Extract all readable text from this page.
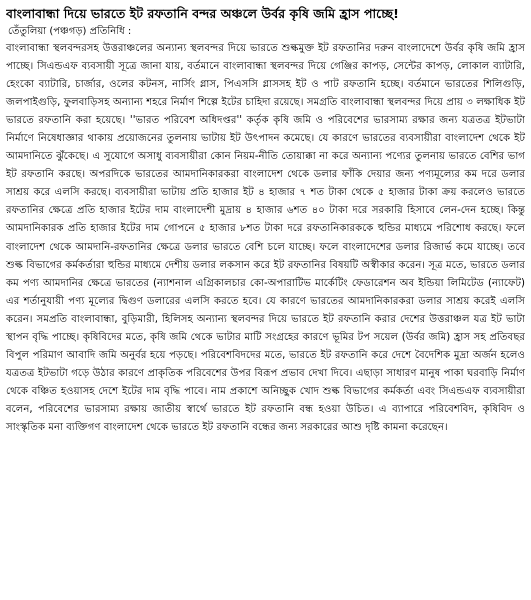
বাংলাবান্ধা দিয়ে ভারতে ইট রফতানি বন্দর অঞ্চলে উর্বর কৃষি জমি হ্রাস পাচ্ছে!
তেঁতুলিয়া (পঞ্চগড়) প্রতিনিধি :

বাংলাবান্ধা স্থলবন্দরসহ উত্তরাঞ্চলের অন্যান্য স্থলবন্দর দিয়ে ভারতে শুল্কমুক্ত ইট রফতানির দরুন বাংলাদেশে উর্বর কৃষি জমি হ্রাস পাচ্ছে। সিএন্ডএফ ব্যবসায়ী সূত্রে জানা যায়, বর্তমানে বাংলাবান্ধা স্থলবন্দর দিয়ে গেঞ্জির কাপড়, সেন্টের কাপড়, লোকাল ব্যাটারি, হেংকো ব্যাটারি, চার্জার, ওলের কটনস, নার্সিং গ্লাস, পিএসসি গ্লাসসহ ইট ও পাট রফতানি হচ্ছে। বর্তমানে ভারতের শিলিগুড়ি, জলপাইগুড়ি, ফুলবাড়িসহ অন্যান্য শহরে নির্মাণ শিল্পে ইটের চাহিদা রয়েছে। সমগ্রতি বাংলাবান্ধা স্থলবন্দর দিয়ে প্রায় ৩ লক্ষাধিক ইট ভারতে রফতানি করা হয়েছে। ''ভারত পরিবেশ অধিদপ্তর'' কর্তৃক কৃষি জমি ও পরিবেশের ভারসাম্য রক্ষার জন্য যত্রতত্র ইটভাটা নির্মাণে নিষেধাজ্ঞার থাকায় প্রয়োজনের তুলনায় ভাটায় ইট উৎপাদন কমেছে। যে কারণে ভারতের ব্যবসায়ীরা বাংলাদেশ থেকে ইট আমদানিতে ঝুঁকেছে। এ সুযোগে অসাধু ব্যবসায়ীরা কোন নিয়ম-নীতি তোয়াক্কা না করে অন্যান্য পণ্যের তুলনায় ভারতে বেশির ভাগ ইট রফতানি করছে। অপরদিকে ভারতের আমদানিকারকরা বাংলাদেশ থেকে ডলার ফাঁকি দেয়ার জন্য পণ্যমূল্যের কম দরে ডলার সাশ্রয় করে এলসি করছে। ব্যবসায়ীরা ভাটায় প্রতি হাজার ইট ৪ হাজার ৭ শত টাকা থেকে ৫ হাজার টাকা ক্রয় করলেও ভারতে রফতানির ক্ষেত্রে প্রতি হাজার ইটের দাম বাংলাদেশী মুদ্রায় ৪ হাজার ৬শত ৪০ টাকা দরে সরকারি হিসাবে লেন-দেন হচ্ছে। কিন্তু আমদানিকারক প্রতি হাজার ইটের দাম গোপনে ৫ হাজার ৮শত টাকা দরে রফতানিকারককে হুন্ডির মাধ্যমে পরিশোধ করছে। ফলে বাংলাদেশ থেকে আমদানি-রফতানির ক্ষেত্রে ডলার ভারতে বেশি চলে যাচ্ছে। ফলে বাংলাদেশের ডলার রিজার্ভ কমে যাচ্ছে। তবে শুল্ক বিভাগের কর্মকর্তারা হুন্ডির মাধ্যমে দেশীয় ডলার লকসান করে ইট রফতানির বিষয়টি অস্বীকার করেন। সূত্র মতে, ভারতে ডলার কম পণ্য আমদানির ক্ষেত্রে ভারতের (ন্যাশনাল এগ্রিকালচার কো-অপারাটিভ মার্কেটিং ফেডারেশন অব ইন্ডিয়া লিমিটেড (ন্যাফেট) এর শর্তানুযায়ী পণ্য মূল্যের দ্বিগুণ ডলারের এলসি করতে হবে। যে কারণে ভারতের আমদানিকারকরা ডলার সাশ্রয় করেই এলসি করেন। সমপ্রতি বাংলাবান্ধা, বুড়িমারী, হিলিসহ অন্যান্য স্থলবন্দর দিয়ে ভারতে ইট রফতানি করার দেশের উত্তরাঞ্চল যত্র ইট ভাটা স্থাপন বৃদ্ধি পাচ্ছে। কৃষিবিদের মতে, কৃষি জমি থেকে ভাটার মাটি সংগ্রহের কারণে ভূমির টপ সয়েল (উর্বর জমি) হ্রাস সহ প্রতিবছর বিপুল পরিমাণ আবাদি জমি অনুর্বর হয়ে পড়ছে। পরিবেশবিদদের মতে, ভারতে ইট রফতানি করে দেশে বৈদেশিক মুদ্রা অর্জন হলেও যত্রতত্র ইটভাটা গড়ে উঠার কারণে প্রাকৃতিক পরিবেশের উপর বিরূপ প্রভাব দেখা দিবে। এছাড়া সাধারণ মানুষ পাকা ঘরবাড়ি নির্মাণ থেকে বঞ্চিত হওয়াসহ দেশে ইটের দাম বৃদ্ধি পাবে। নাম প্রকাশে অনিচ্ছুক খোদ শুল্ক বিভাগের কর্মকর্তা এবং সিএন্ডএফ ব্যবসায়ীরা বলেন, পরিবেশের ভারসাম্য রক্ষায় জাতীয় স্বার্থে ভারতে ইট রফতানি বন্ধ হওয়া উচিত। এ ব্যাপারে পরিবেশবিদ, কৃষিবিদ ও সাংস্কৃতিক মনা ব্যক্তিগণ বাংলাদেশ থেকে ভারতে ইট রফতানি বন্ধের জন্য সরকারের আশু দৃষ্টি কামনা করেছেন।
